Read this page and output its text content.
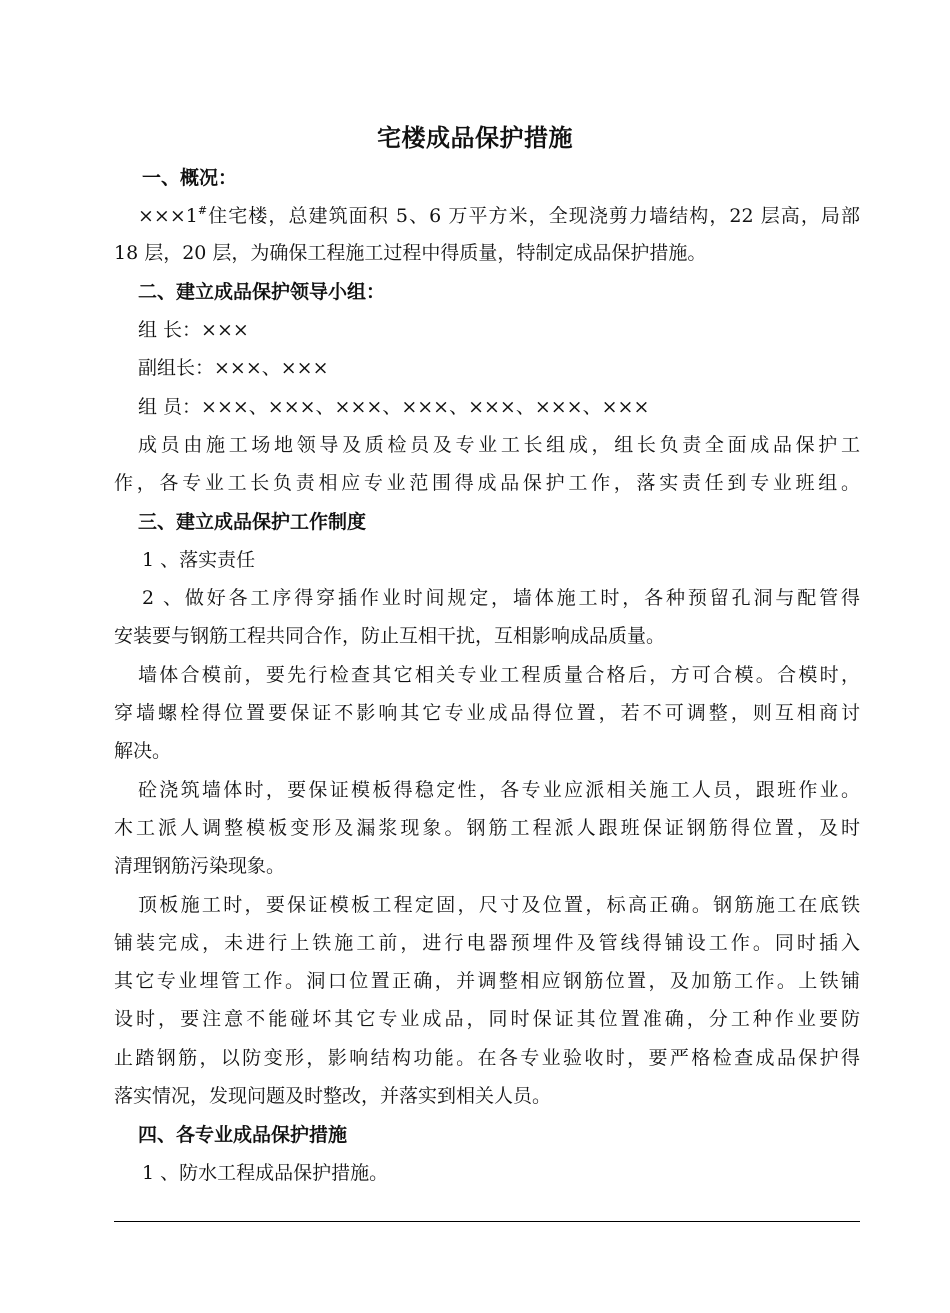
宅楼成品保护措施
一、概况：
×××1#住宅楼，总建筑面积 5、6 万平方米，全现浇剪力墙结构，22 层高，局部
18 层，20 层，为确保工程施工过程中得质量，特制定成品保护措施。
二、建立成品保护领导小组：
组 长：×××
副组长：×××、×××
组 员：×××、×××、×××、×××、×××、×××、×××
成员由施工场地领导及质检员及专业工长组成，组长负责全面成品保护工
作，各专业工长负责相应专业范围得成品保护工作，落实责任到专业班组。
三、建立成品保护工作制度
1 、落实责任
2 、做好各工序得穿插作业时间规定，墙体施工时，各种预留孔洞与配管得
安装要与钢筋工程共同合作，防止互相干扰，互相影响成品质量。
墙体合模前，要先行检查其它相关专业工程质量合格后，方可合模。合模时，
穿墙螺栓得位置要保证不影响其它专业成品得位置，若不可调整，则互相商讨
解决。
砼浇筑墙体时，要保证模板得稳定性，各专业应派相关施工人员，跟班作业。
木工派人调整模板变形及漏浆现象。钢筋工程派人跟班保证钢筋得位置，及时
清理钢筋污染现象。
顶板施工时，要保证模板工程定固，尺寸及位置，标高正确。钢筋施工在底铁
铺装完成，未进行上铁施工前，进行电器预埋件及管线得铺设工作。同时插入
其它专业埋管工作。洞口位置正确，并调整相应钢筋位置，及加筋工作。上铁铺
设时，要注意不能碰坏其它专业成品，同时保证其位置准确，分工种作业要防
止踏钢筋，以防变形，影响结构功能。在各专业验收时，要严格检查成品保护得
落实情况，发现问题及时整改，并落实到相关人员。
四、各专业成品保护措施
1 、防水工程成品保护措施。
